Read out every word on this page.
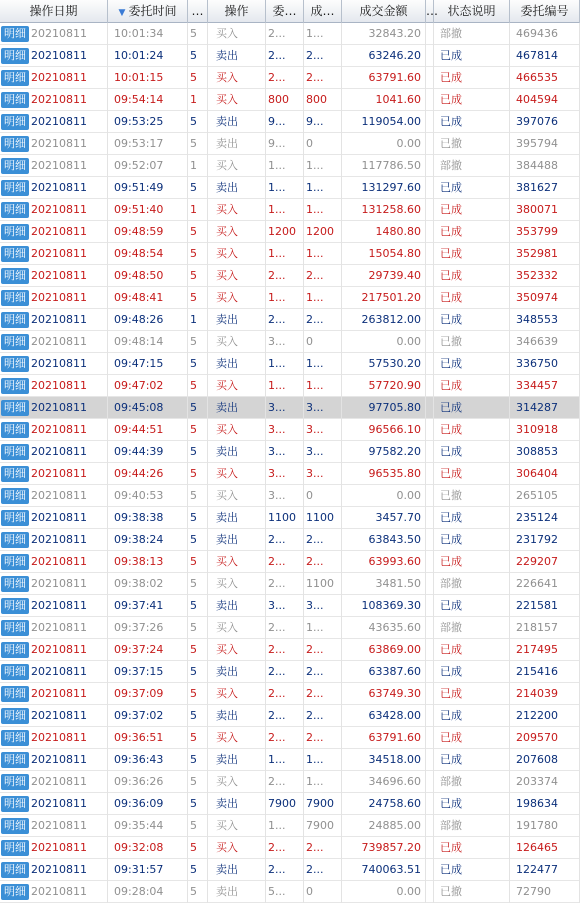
操作日期	▼ 委托时间	…	操作	委…	成…	成交金额	… 状态说明	委托编号
明细 20210811	10:01:34	5	买入	2...	1...	32843.20	部撤	469436
明细 20210811	10:01:24	5	卖出	2...	2...	63246.20	已成	467814
明细 20210811	10:01:15	5	买入	2...	2...	63791.60	已成	466535
明细 20210811	09:54:14	1	买入	800	800	1041.60	已成	404594
明细 20210811	09:53:25	5	卖出	9...	9...	119054.00	已成	397076
明细 20210811	09:53:17	5	卖出	9...	0	0.00	已撤	395794
明细 20210811	09:52:07	1	买入	1...	1...	117786.50	部撤	384488
明细 20210811	09:51:49	5	卖出	1...	1...	131297.60	已成	381627
明细 20210811	09:51:40	1	买入	1...	1...	131258.60	已成	380071
明细 20210811	09:48:59	5	买入	1200 1200	1480.80	已成	353799
明细 20210811	09:48:54	5	买入	1...	1...	15054.80	已成	352981
明细 20210811	09:48:50	5	买入	2...	2...	29739.40	已成	352332
明细 20210811	09:48:41	5	买入	1...	1...	217501.20	已成	350974
明细 20210811	09:48:26	1	卖出	2...	2...	263812.00	已成	348553
明细 20210811	09:48:14	5	买入	3...	0	0.00	已撤	346639
明细 20210811	09:47:15	5	卖出	1...	1...	57530.20	已成	336750
明细 20210811	09:47:02	5	买入	1...	1...	57720.90	已成	334457
明细 20210811	09:45:08	5	卖出	3...	3...	97705.80	已成	314287
明细 20210811	09:44:51	5	买入	3...	3...	96566.10	已成	310918
明细 20210811	09:44:39	5	卖出	3...	3...	97582.20	已成	308853
明细 20210811	09:44:26	5	买入	3...	3...	96535.80	已成	306404
明细 20210811	09:40:53	5	买入	3...	0	0.00	已撤	265105
明细 20210811	09:38:38	5	卖出	1100 1100	3457.70	已成	235124
明细 20210811	09:38:24	5	卖出	2...	2...	63843.50	已成	231792
明细 20210811	09:38:13	5	买入	2...	2...	63993.60	已成	229207
明细 20210811	09:38:02	5	买入	2...	1100	3481.50	部撤	226641
明细 20210811	09:37:41	5	卖出	3...	3...	108369.30	已成	221581
明细 20210811	09:37:26	5	买入	2...	1...	43635.60	部撤	218157
明细 20210811	09:37:24	5	买入	2...	2...	63869.00	已成	217495
明细 20210811	09:37:15	5	卖出	2...	2...	63387.60	已成	215416
明细 20210811	09:37:09	5	买入	2...	2...	63749.30	已成	214039
明细 20210811	09:37:02	5	卖出	2...	2...	63428.00	已成	212200
明细 20210811	09:36:51	5	买入	2...	2...	63791.60	已成	209570
明细 20210811	09:36:43	5	卖出	1...	1...	34518.00	已成	207608
明细 20210811	09:36:26	5	买入	2...	1...	34696.60	部撤	203374
明细 20210811	09:36:09	5	卖出	7900 7900	24758.60	已成	198634
明细 20210811	09:35:44	5	买入	1...	7900	24885.00	部撤	191780
明细 20210811	09:32:08	5	买入	2...	2...	739857.20	已成	126465
明细 20210811	09:31:57	5	卖出	2...	2...	740063.51	已成	122477
明细 20210811	09:28:04	5	卖出	5...	0	0.00	已撤	72790
